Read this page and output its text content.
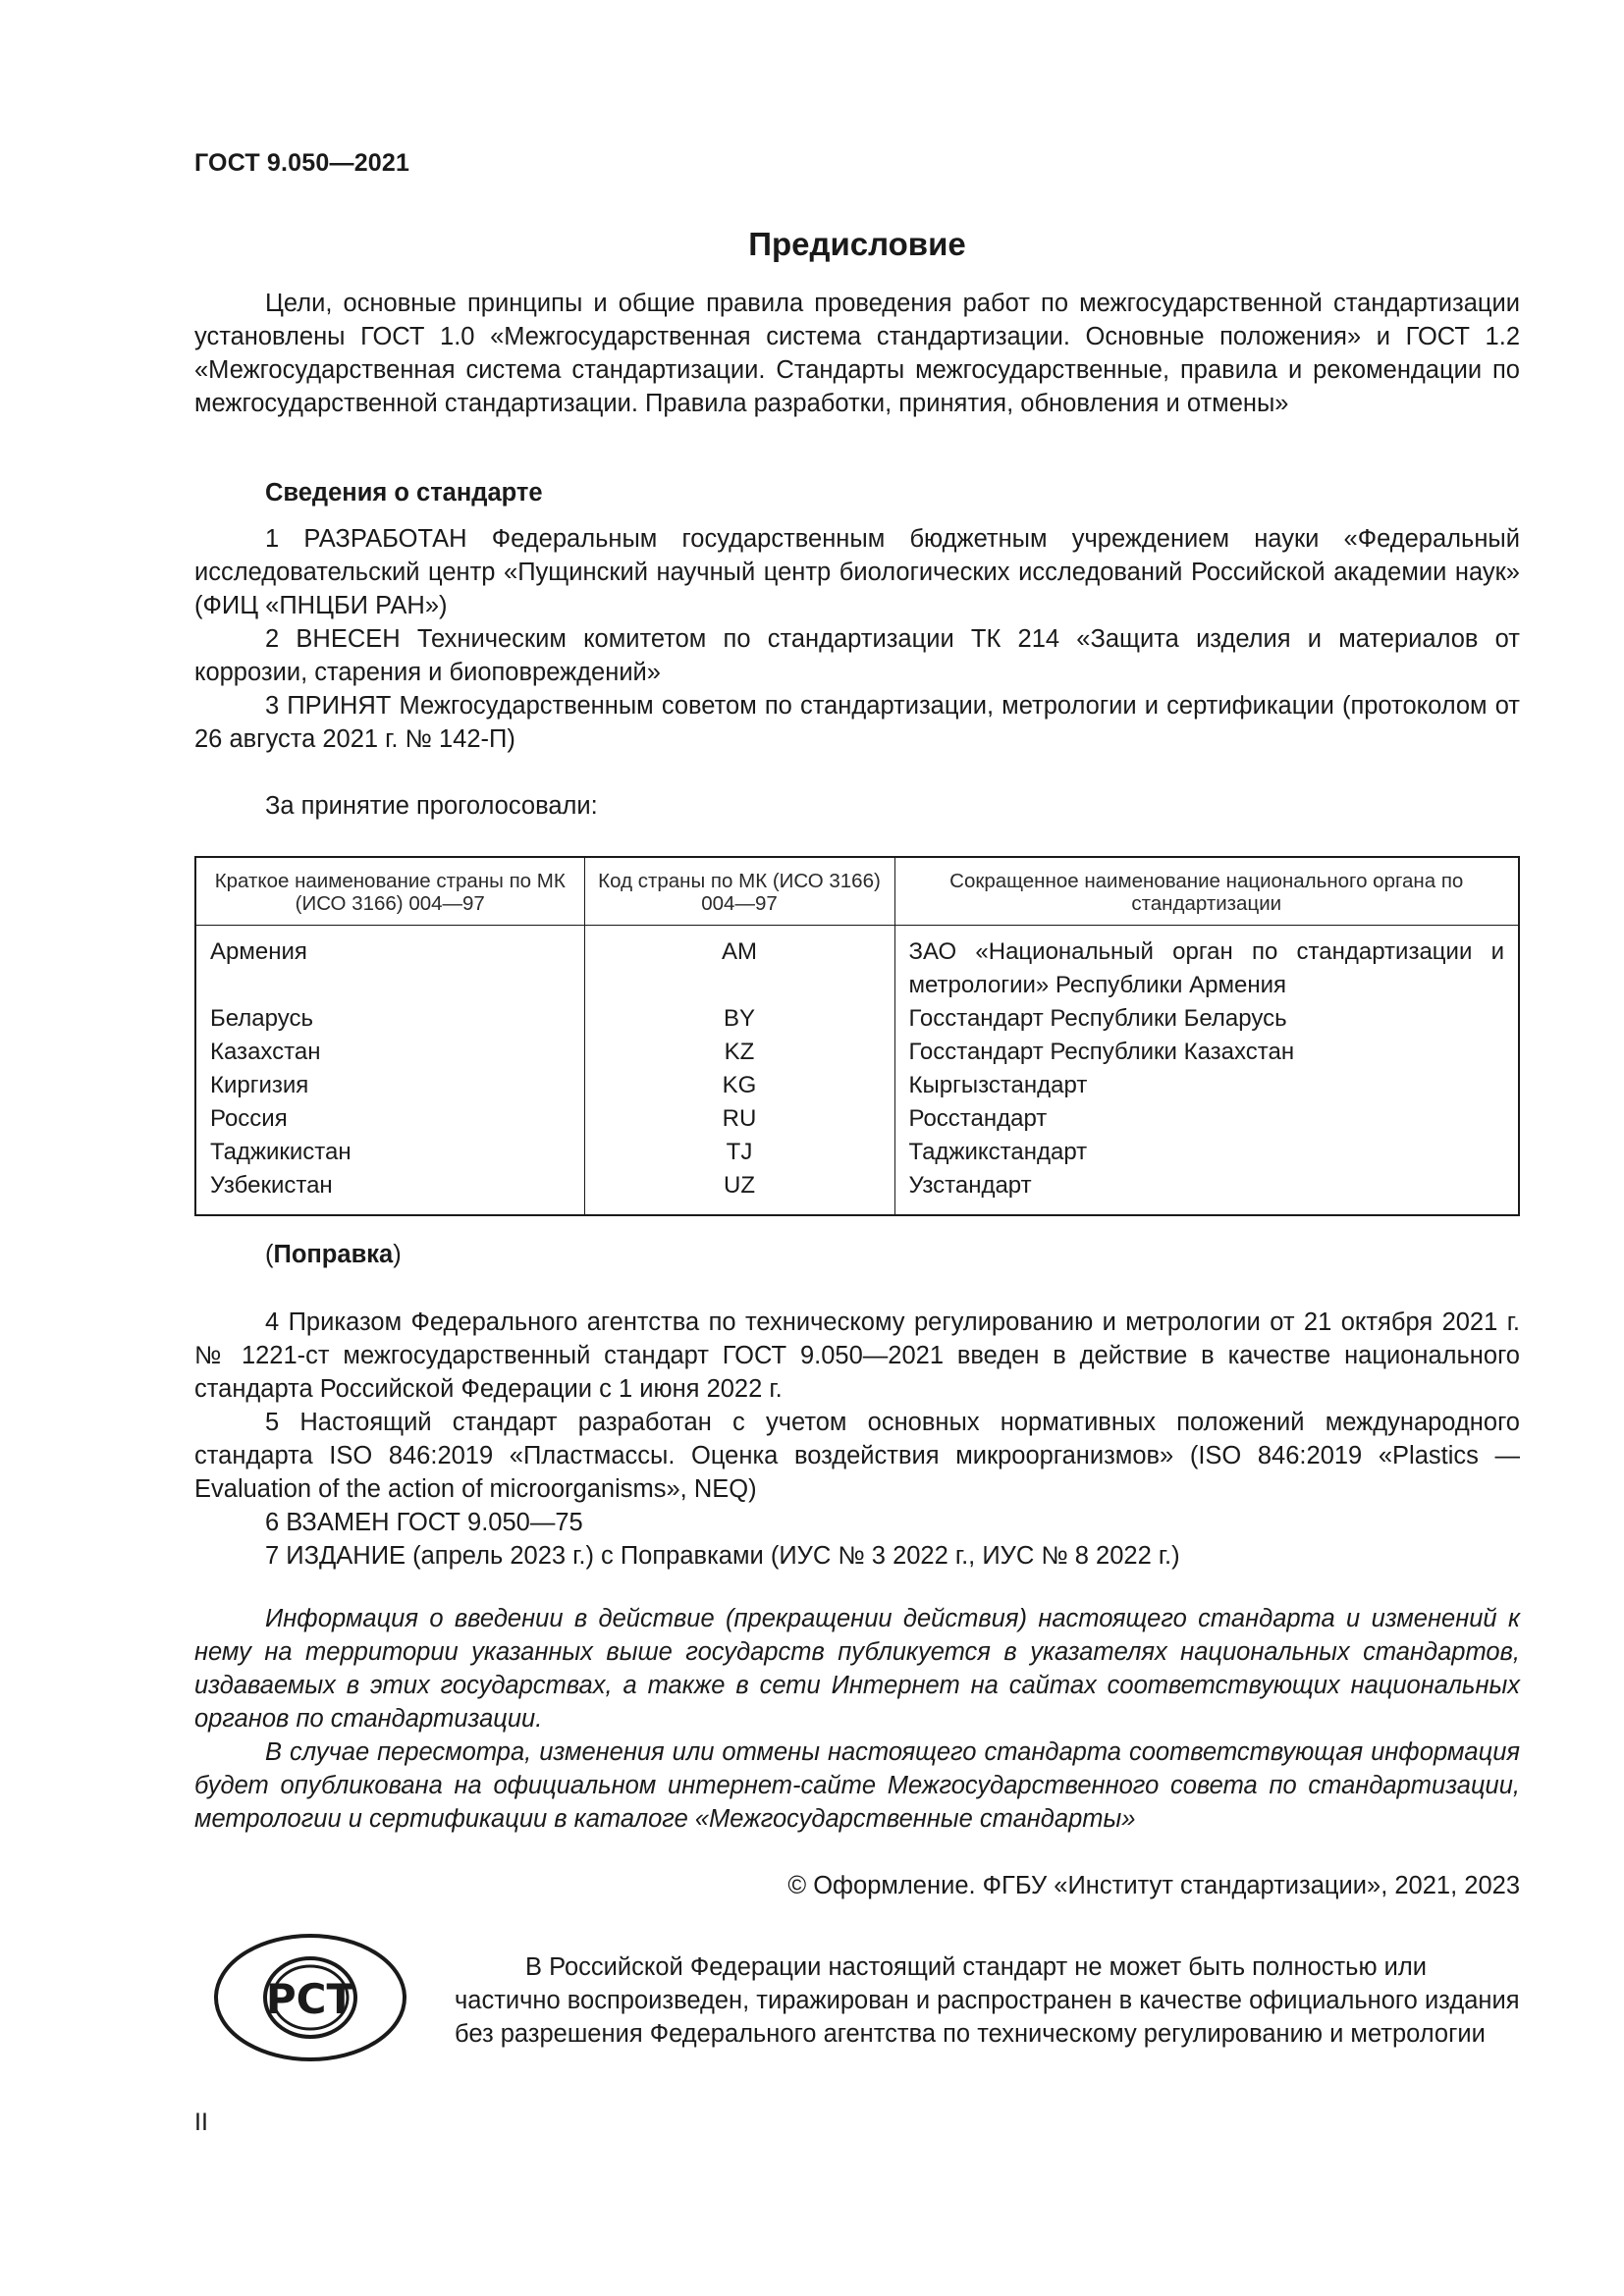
ГОСТ 9.050—2021
Предисловие

Цели, основные принципы и общие правила проведения работ по межгосударственной стандартизации установлены ГОСТ 1.0 «Межгосударственная система стандартизации. Основные положения» и ГОСТ 1.2 «Межгосударственная система стандартизации. Стандарты межгосударственные, правила и рекомендации по межгосударственной стандартизации. Правила разработки, принятия, обновления и отмены»

Сведения о стандарте

1 РАЗРАБОТАН Федеральным государственным бюджетным учреждением науки «Федеральный исследовательский центр «Пущинский научный центр биологических исследований Российской академии наук» (ФИЦ «ПНЦБИ РАН»)

2 ВНЕСЕН Техническим комитетом по стандартизации ТК 214 «Защита изделия и материалов от коррозии, старения и биоповреждений»

3 ПРИНЯТ Межгосударственным советом по стандартизации, метрологии и сертификации (протоколом от 26 августа 2021 г. № 142-П)

За принятие проголосовали:
Краткое наименование страны по МК (ИСО 3166) 004—97	Код страны по МК (ИСО 3166) 004—97	Сокращенное наименование национального органа по стандартизации
Армения	AM	ЗАО «Национальный орган по стандартизации и метрологии» Республики Армения
Беларусь	BY	Госстандарт Республики Беларусь
Казахстан	KZ	Госстандарт Республики Казахстан
Киргизия	KG	Кыргызстандарт
Россия	RU	Росстандарт
Таджикистан	TJ	Таджикстандарт
Узбекистан	UZ	Узстандарт
(Поправка)

4 Приказом Федерального агентства по техническому регулированию и метрологии от 21 октября 2021 г. № 1221-ст межгосударственный стандарт ГОСТ 9.050—2021 введен в действие в качестве национального стандарта Российской Федерации с 1 июня 2022 г.

5 Настоящий стандарт разработан с учетом основных нормативных положений международного стандарта ISO 846:2019 «Пластмассы. Оценка воздействия микроорганизмов» (ISO 846:2019 «Plastics — Evaluation of the action of microorganisms», NEQ)

6 ВЗАМЕН ГОСТ 9.050—75

7 ИЗДАНИЕ (апрель 2023 г.) с Поправками (ИУС № 3 2022 г., ИУС № 8 2022 г.)

Информация о введении в действие (прекращении действия) настоящего стандарта и изменений к нему на территории указанных выше государств публикуется в указателях национальных стандартов, издаваемых в этих государствах, а также в сети Интернет на сайтах соответствующих национальных органов по стандартизации.

В случае пересмотра, изменения или отмены настоящего стандарта соответствующая информация будет опубликована на официальном интернет-сайте Межгосударственного совета по стандартизации, метрологии и сертификации в каталоге «Межгосударственные стандарты»

© Оформление. ФГБУ «Институт стандартизации», 2021, 2023
РСТ

В Российской Федерации настоящий стандарт не может быть полностью или частично воспроизведен, тиражирован и распространен в качестве официального издания без разрешения Федерального агентства по техническому регулированию и метрологии

II
